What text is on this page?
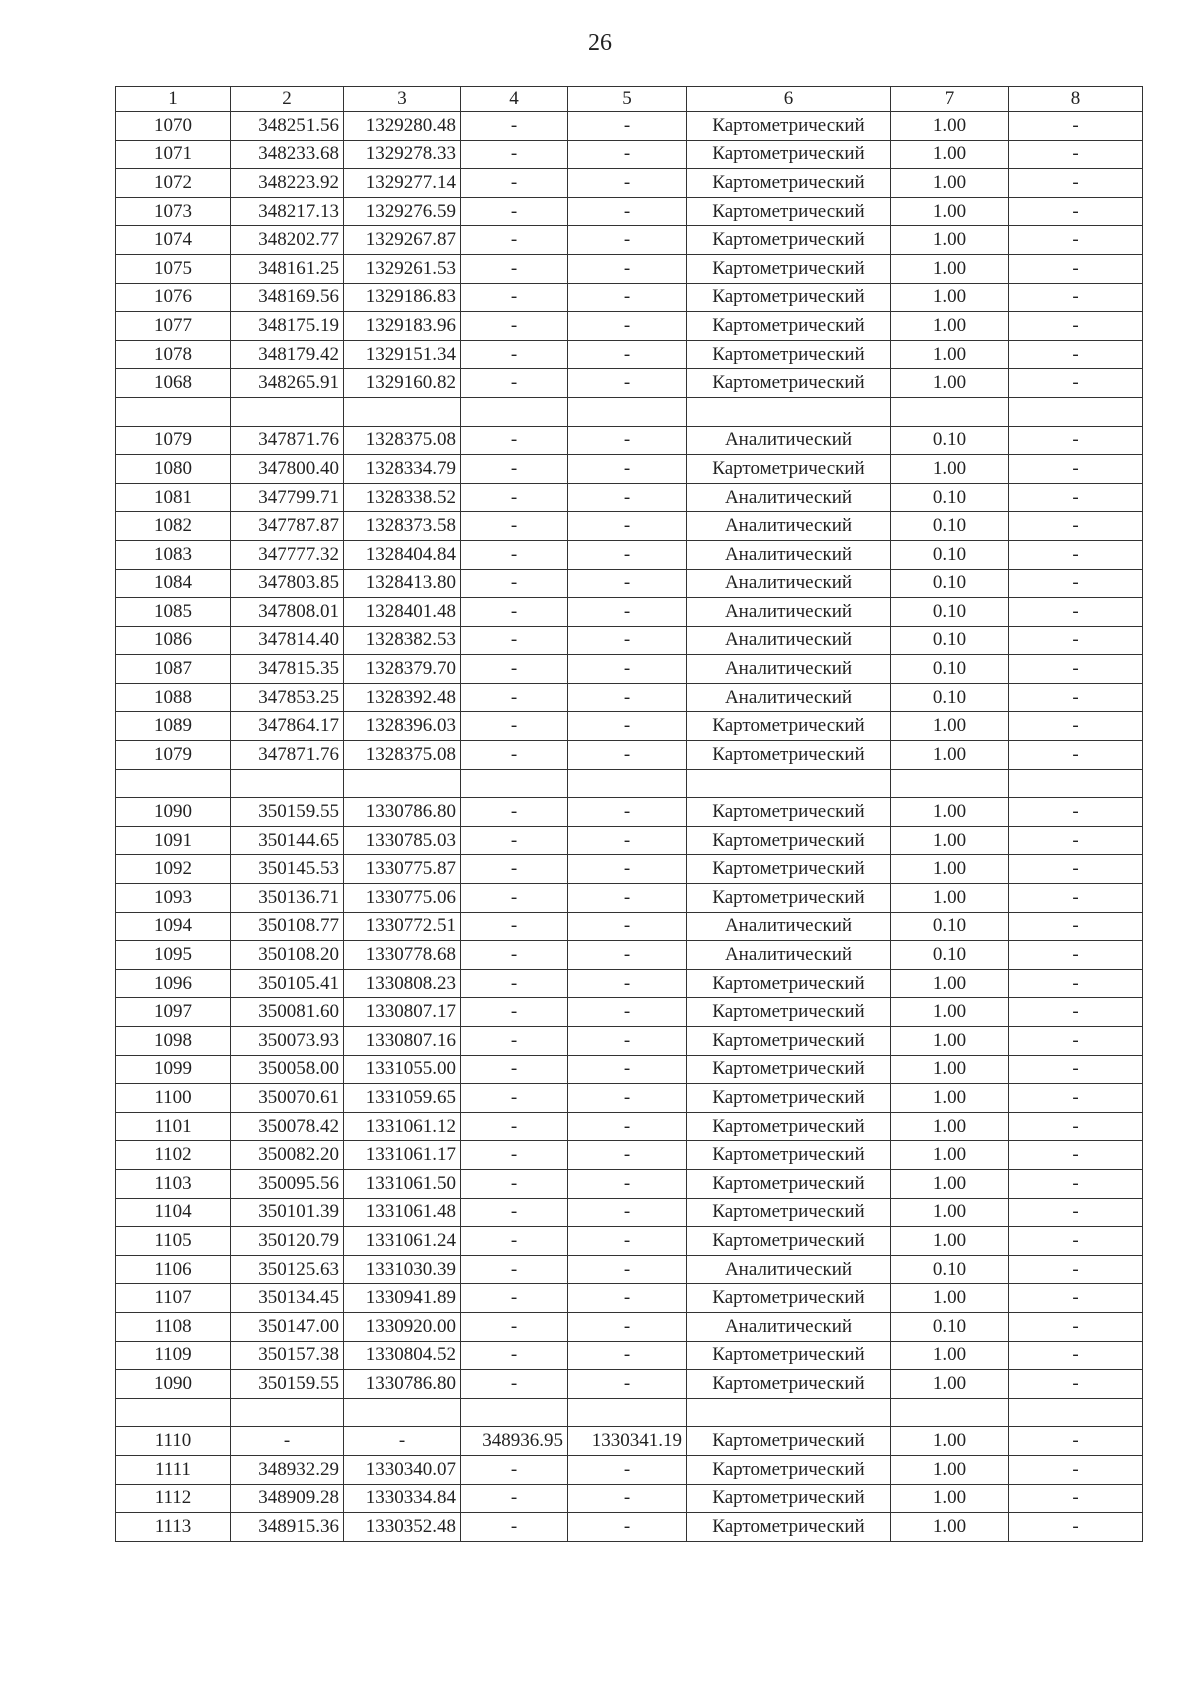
26
1	2	3	4	5	6	7	8
1070	348251.56	1329280.48	-	-	Картометрический	1.00	-
1071	348233.68	1329278.33	-	-	Картометрический	1.00	-
1072	348223.92	1329277.14	-	-	Картометрический	1.00	-
1073	348217.13	1329276.59	-	-	Картометрический	1.00	-
1074	348202.77	1329267.87	-	-	Картометрический	1.00	-
1075	348161.25	1329261.53	-	-	Картометрический	1.00	-
1076	348169.56	1329186.83	-	-	Картометрический	1.00	-
1077	348175.19	1329183.96	-	-	Картометрический	1.00	-
1078	348179.42	1329151.34	-	-	Картометрический	1.00	-
1068	348265.91	1329160.82	-	-	Картометрический	1.00	-

1079	347871.76	1328375.08	-	-	Аналитический	0.10	-
1080	347800.40	1328334.79	-	-	Картометрический	1.00	-
1081	347799.71	1328338.52	-	-	Аналитический	0.10	-
1082	347787.87	1328373.58	-	-	Аналитический	0.10	-
1083	347777.32	1328404.84	-	-	Аналитический	0.10	-
1084	347803.85	1328413.80	-	-	Аналитический	0.10	-
1085	347808.01	1328401.48	-	-	Аналитический	0.10	-
1086	347814.40	1328382.53	-	-	Аналитический	0.10	-
1087	347815.35	1328379.70	-	-	Аналитический	0.10	-
1088	347853.25	1328392.48	-	-	Аналитический	0.10	-
1089	347864.17	1328396.03	-	-	Картометрический	1.00	-
1079	347871.76	1328375.08	-	-	Картометрический	1.00	-

1090	350159.55	1330786.80	-	-	Картометрический	1.00	-
1091	350144.65	1330785.03	-	-	Картометрический	1.00	-
1092	350145.53	1330775.87	-	-	Картометрический	1.00	-
1093	350136.71	1330775.06	-	-	Картометрический	1.00	-
1094	350108.77	1330772.51	-	-	Аналитический	0.10	-
1095	350108.20	1330778.68	-	-	Аналитический	0.10	-
1096	350105.41	1330808.23	-	-	Картометрический	1.00	-
1097	350081.60	1330807.17	-	-	Картометрический	1.00	-
1098	350073.93	1330807.16	-	-	Картометрический	1.00	-
1099	350058.00	1331055.00	-	-	Картометрический	1.00	-
1100	350070.61	1331059.65	-	-	Картометрический	1.00	-
1101	350078.42	1331061.12	-	-	Картометрический	1.00	-
1102	350082.20	1331061.17	-	-	Картометрический	1.00	-
1103	350095.56	1331061.50	-	-	Картометрический	1.00	-
1104	350101.39	1331061.48	-	-	Картометрический	1.00	-
1105	350120.79	1331061.24	-	-	Картометрический	1.00	-
1106	350125.63	1331030.39	-	-	Аналитический	0.10	-
1107	350134.45	1330941.89	-	-	Картометрический	1.00	-
1108	350147.00	1330920.00	-	-	Аналитический	0.10	-
1109	350157.38	1330804.52	-	-	Картометрический	1.00	-
1090	350159.55	1330786.80	-	-	Картометрический	1.00	-

1110	-	-	348936.95	1330341.19	Картометрический	1.00	-
1111	348932.29	1330340.07	-	-	Картометрический	1.00	-
1112	348909.28	1330334.84	-	-	Картометрический	1.00	-
1113	348915.36	1330352.48	-	-	Картометрический	1.00	-
